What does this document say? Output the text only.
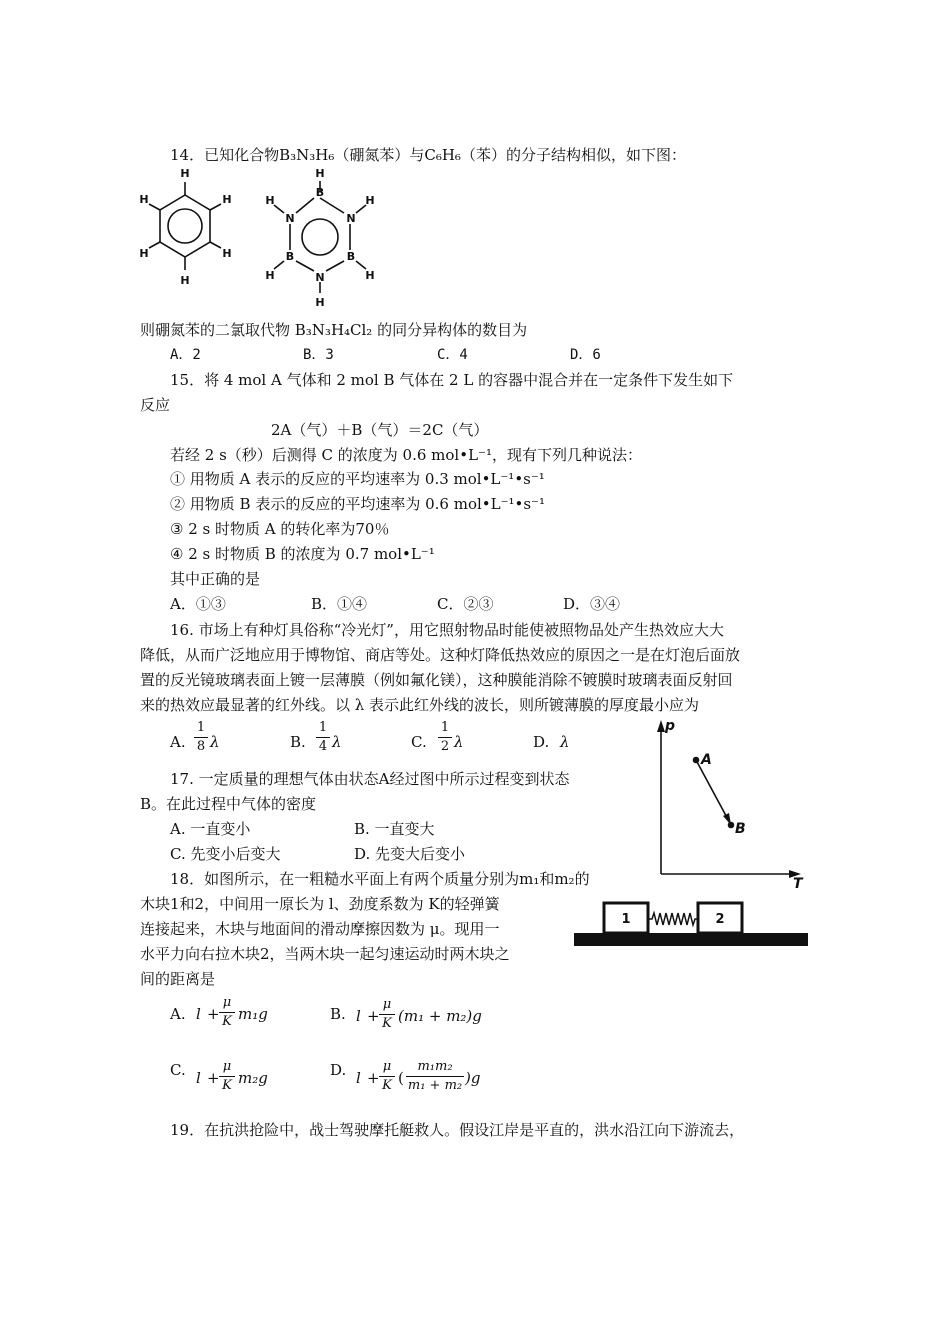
14．已知化合物B₃N₃H₆（硼氮苯）与C₆H₆（苯）的分子结构相似，如下图：
H
H
H
H
H
H
B
N
B
N
B
N
H
H
H
H
H
H
则硼氮苯的二氯取代物 B₃N₃H₄Cl₂ 的同分异构体的数目为
A．2	B．3	C．4	D．6
15．将 4 mol A 气体和 2 mol B 气体在 2 L 的容器中混合并在一定条件下发生如下
反应
2A（气）＋B（气）＝2C（气）
若经 2 s（秒）后测得 C 的浓度为 0.6 mol•L⁻¹，现有下列几种说法：
① 用物质 A 表示的反应的平均速率为 0.3 mol•L⁻¹•s⁻¹
② 用物质 B 表示的反应的平均速率为 0.6 mol•L⁻¹•s⁻¹
③ 2 s 时物质 A 的转化率为70％
④ 2 s 时物质 B 的浓度为 0.7 mol•L⁻¹
其中正确的是
A．①③	B．①④	C．②③	D．③④
16. 市场上有种灯具俗称“冷光灯”，用它照射物品时能使被照物品处产生热效应大大
降低，从而广泛地应用于博物馆、商店等处。这种灯降低热效应的原因之一是在灯泡后面放
置的反光镜玻璃表面上镀一层薄膜（例如氟化镁），这种膜能消除不镀膜时玻璃表面反射回
来的热效应最显著的红外线。以 λ 表示此红外线的波长，则所镀薄膜的厚度最小应为
A.
1
8 λ	B.
1
4 λ	C.
1
2 λ	D. λ
p
T
A
B
17. 一定质量的理想气体由状态A经过图中所示过程变到状态
B。在此过程中气体的密度
A. 一直变小	B. 一直变大
C. 先变小后变大	D. 先变大后变小
18．如图所示，在一粗糙水平面上有两个质量分别为m₁和m₂的
木块1和2，中间用一原长为 l、劲度系数为 K的轻弹簧
连接起来，木块与地面间的滑动摩擦因数为 μ。现用一
水平力向右拉木块2，当两木块一起匀速运动时两木块之
间的距离是
1	2
A. l +
μ
K m₁g	B. l +
μ
K (m₁ + m₂)g
C. l +
μ
K m₂g	D. l +
μ
K (
m₁m₂
m₁ + m₂ )g
19．在抗洪抢险中，战士驾驶摩托艇救人。假设江岸是平直的，洪水沿江向下游流去，
